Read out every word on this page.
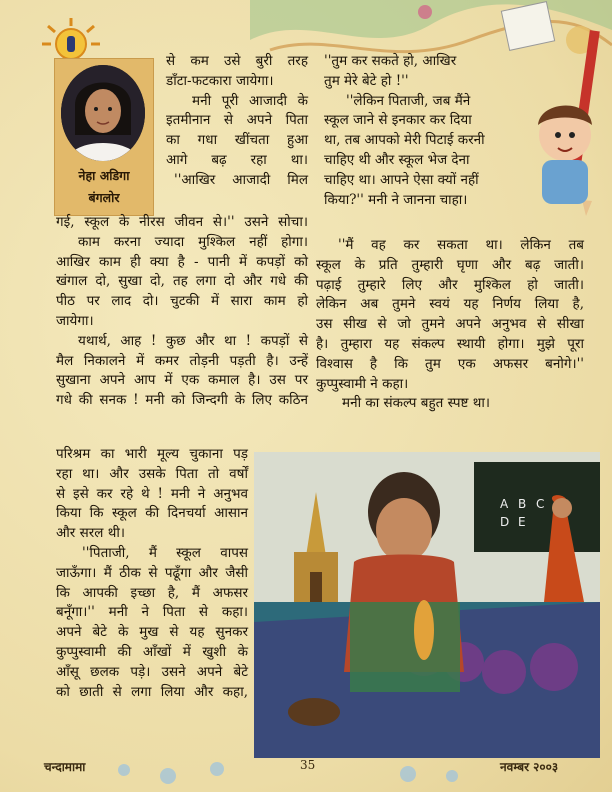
नेहा अडिगा
बंगलोर
से कम उसे बुरी तरह
डाँटा-फटकारा जायेगा।
मनी पूरी आजादी के
इतमीनान से अपने पिता
का गधा खींचता हुआ
आगे बढ़ रहा था।
''आखिर आजादी मिल
गई, स्कूल के नीरस जीवन से।'' उसने सोचा।
काम करना ज्यादा मुश्किल नहीं होगा।
आखिर काम ही क्या है - पानी में कपड़ों को
खंगाल दो, सुखा दो, तह लगा दो और गधे की
पीठ पर लाद दो। चुटकी में सारा काम हो
जायेगा।
यथार्थ, आह ! कुछ और था ! कपड़ों से
मैल निकालने में कमर तोड़नी पड़ती है। उन्हें
सुखाना अपने आप में एक कमाल है। उस पर
गधे की सनक ! मनी को जिन्दगी के लिए कठिन
परिश्रम का भारी मूल्य चुकाना पड़
रहा था। और उसके पिता तो वर्षों
से इसे कर रहे थे ! मनी ने अनुभव
किया कि स्कूल की दिनचर्या आसान
और सरल थी।
''पिताजी, मैं स्कूल वापस
जाऊँगा। मैं ठीक से पढूँगा और जैसी
कि आपकी इच्छा है, मैं अफसर
बनूँगा।'' मनी ने पिता से कहा।
अपने बेटे के मुख से यह सुनकर
कुप्पुस्वामी की आँखों में खुशी के
आँसू छलक पड़े। उसने अपने बेटे
को छाती से लगा लिया और कहा,
''तुम कर सकते हो, आखिर
तुम मेरे बेटे हो !''
''लेकिन पिताजी, जब मैंने
स्कूल जाने से इनकार कर दिया
था, तब आपको मेरी पिटाई करनी
चाहिए थी और स्कूल भेज देना
चाहिए था। आपने ऐसा क्यों नहीं
किया?'' मनी ने जानना चाहा।
''मैं वह कर सकता था। लेकिन तब
स्कूल के प्रति तुम्हारी घृणा और बढ़ जाती।
पढ़ाई तुम्हारे लिए और मुश्किल हो जाती।
लेकिन अब तुमने स्वयं यह निर्णय लिया है,
उस सीख से जो तुमने अपने अनुभव से सीखा
है। तुम्हारा यह संकल्प स्थायी होगा। मुझे पूरा
विश्वास है कि तुम एक अफसर बनोगे।''
कुप्पुस्वामी ने कहा।
मनी का संकल्प बहुत स्पष्ट था।
A B C
D E
चन्दामामा	35	नवम्बर २००३
